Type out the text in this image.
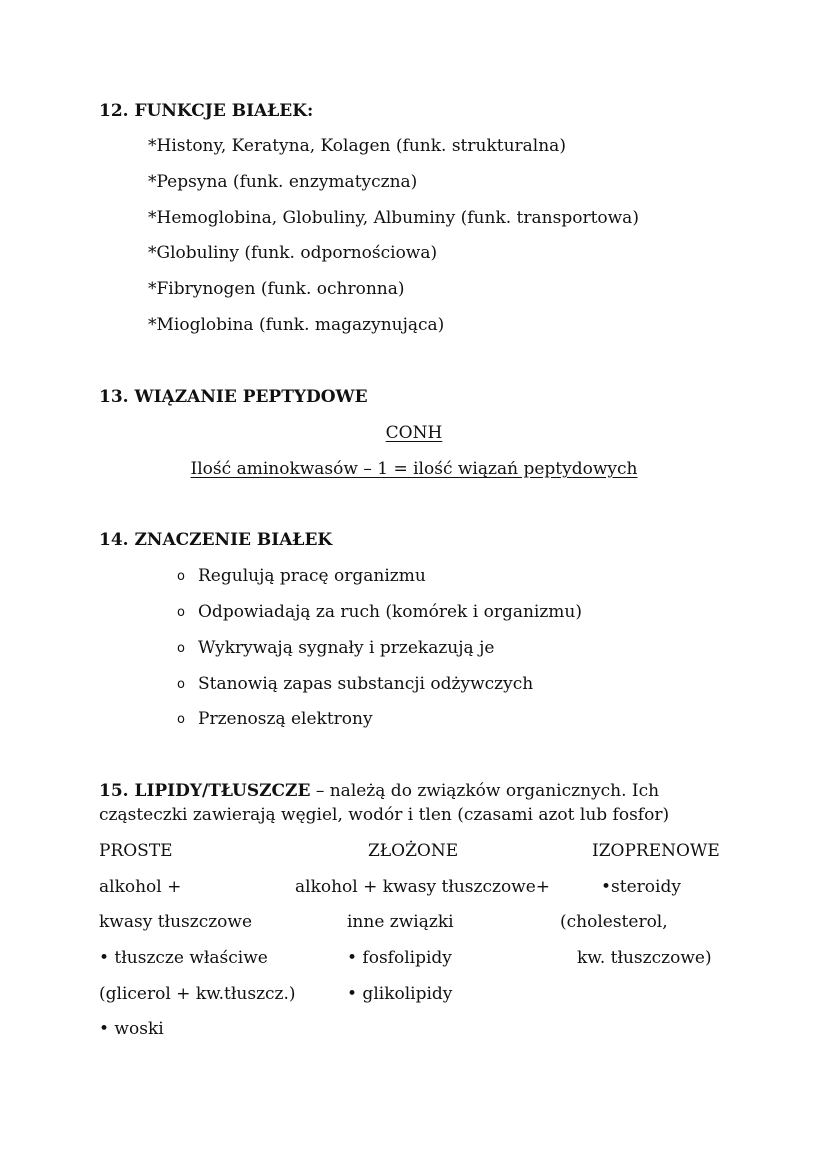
12. FUNKCJE BIAŁEK:
*Histony, Keratyna, Kolagen (funk. strukturalna)
*Pepsyna (funk. enzymatyczna)
*Hemoglobina, Globuliny, Albuminy (funk. transportowa)
*Globuliny (funk. odpornościowa)
*Fibrynogen (funk. ochronna)
*Mioglobina (funk. magazynująca)
13. WIĄZANIE PEPTYDOWE
CONH
Ilość aminokwasów – 1 = ilość wiązań peptydowych
14. ZNACZENIE BIAŁEK
o Regulują pracę organizmu
o Odpowiadają za ruch (komórek i organizmu)
o Wykrywają sygnały i przekazują je
o Stanowią zapas substancji odżywczych
o Przenoszą elektrony
15. LIPIDY/TŁUSZCZE – należą do związków organicznych. Ich cząsteczki zawierają węgiel, wodór i tlen (czasami azot lub fosfor)
PROSTE	ZŁOŻONE	IZOPRENOWE
alkohol +
kwasy tłuszczowe
• tłuszcze właściwe
(glicerol + kw.tłuszcz.)
• woski
alkohol + kwasy tłuszczowe+
inne związki
• fosfolipidy
• glikolipidy
•steroidy
(cholesterol,
kw. tłuszczowe)
